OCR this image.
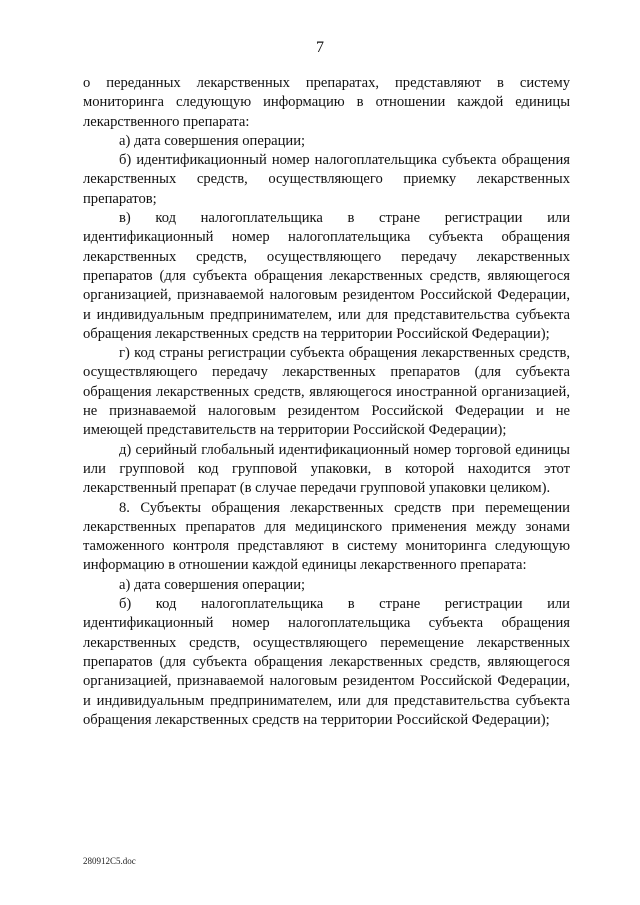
7

о переданных лекарственных препаратах, представляют в систему мониторинга следующую информацию в отношении каждой единицы лекарственного препарата:

а) дата совершения операции;

б) идентификационный номер налогоплательщика субъекта обращения лекарственных средств, осуществляющего приемку лекарственных препаратов;

в) код налогоплательщика в стране регистрации или идентификационный номер налогоплательщика субъекта обращения лекарственных средств, осуществляющего передачу лекарственных препаратов (для субъекта обращения лекарственных средств, являющегося организацией, признаваемой налоговым резидентом Российской Федерации, и индивидуальным предпринимателем, или для представительства субъекта обращения лекарственных средств на территории Российской Федерации);

г) код страны регистрации субъекта обращения лекарственных средств, осуществляющего передачу лекарственных препаратов (для субъекта обращения лекарственных средств, являющегося иностранной организацией, не признаваемой налоговым резидентом Российской Федерации и не имеющей представительств на территории Российской Федерации);

д) серийный глобальный идентификационный номер торговой единицы или групповой код групповой упаковки, в которой находится этот лекарственный препарат (в случае передачи групповой упаковки целиком).

8. Субъекты обращения лекарственных средств при перемещении лекарственных препаратов для медицинского применения между зонами таможенного контроля представляют в систему мониторинга следующую информацию в отношении каждой единицы лекарственного препарата:

а) дата совершения операции;

б) код налогоплательщика в стране регистрации или идентификационный номер налогоплательщика субъекта обращения лекарственных средств, осуществляющего перемещение лекарственных препаратов (для субъекта обращения лекарственных средств, являющегося организацией, признаваемой налоговым резидентом Российской Федерации, и индивидуальным предпринимателем, или для представительства субъекта обращения лекарственных средств на территории Российской Федерации);

280912C5.doc
